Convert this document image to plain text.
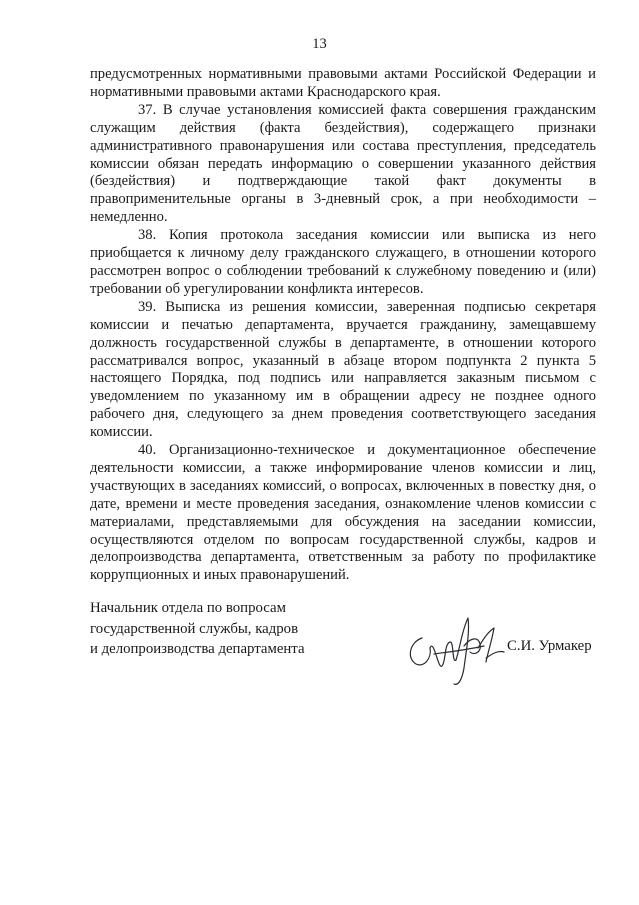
13

предусмотренных нормативными правовыми актами Российской Федерации и нормативными правовыми актами Краснодарского края.

37. В случае установления комиссией факта совершения гражданским служащим действия (факта бездействия), содержащего признаки административного правонарушения или состава преступления, председатель комиссии обязан передать информацию о совершении указанного действия (бездействия) и подтверждающие такой факт документы в правоприменительные органы в 3-дневный срок, а при необходимости – немедленно.

38. Копия протокола заседания комиссии или выписка из него приобщается к личному делу гражданского служащего, в отношении которого рассмотрен вопрос о соблюдении требований к служебному поведению и (или) требовании об урегулировании конфликта интересов.

39. Выписка из решения комиссии, заверенная подписью секретаря комиссии и печатью департамента, вручается гражданину, замещавшему должность государственной службы в департаменте, в отношении которого рассматривался вопрос, указанный в абзаце втором подпункта 2 пункта 5 настоящего Порядка, под подпись или направляется заказным письмом с уведомлением по указанному им в обращении адресу не позднее одного рабочего дня, следующего за днем проведения соответствующего заседания комиссии.

40. Организационно-техническое и документационное обеспечение деятельности комиссии, а также информирование членов комиссии и лиц, участвующих в заседаниях комиссий, о вопросах, включенных в повестку дня, о дате, времени и месте проведения заседания, ознакомление членов комиссии с материалами, представляемыми для обсуждения на заседании комиссии, осуществляются отделом по вопросам государственной службы, кадров и делопроизводства департамента, ответственным за работу по профилактике коррупционных и иных правонарушений.

Начальник отдела по вопросам
государственной службы, кадров
и делопроизводства департамента	С.И. Урмакер
